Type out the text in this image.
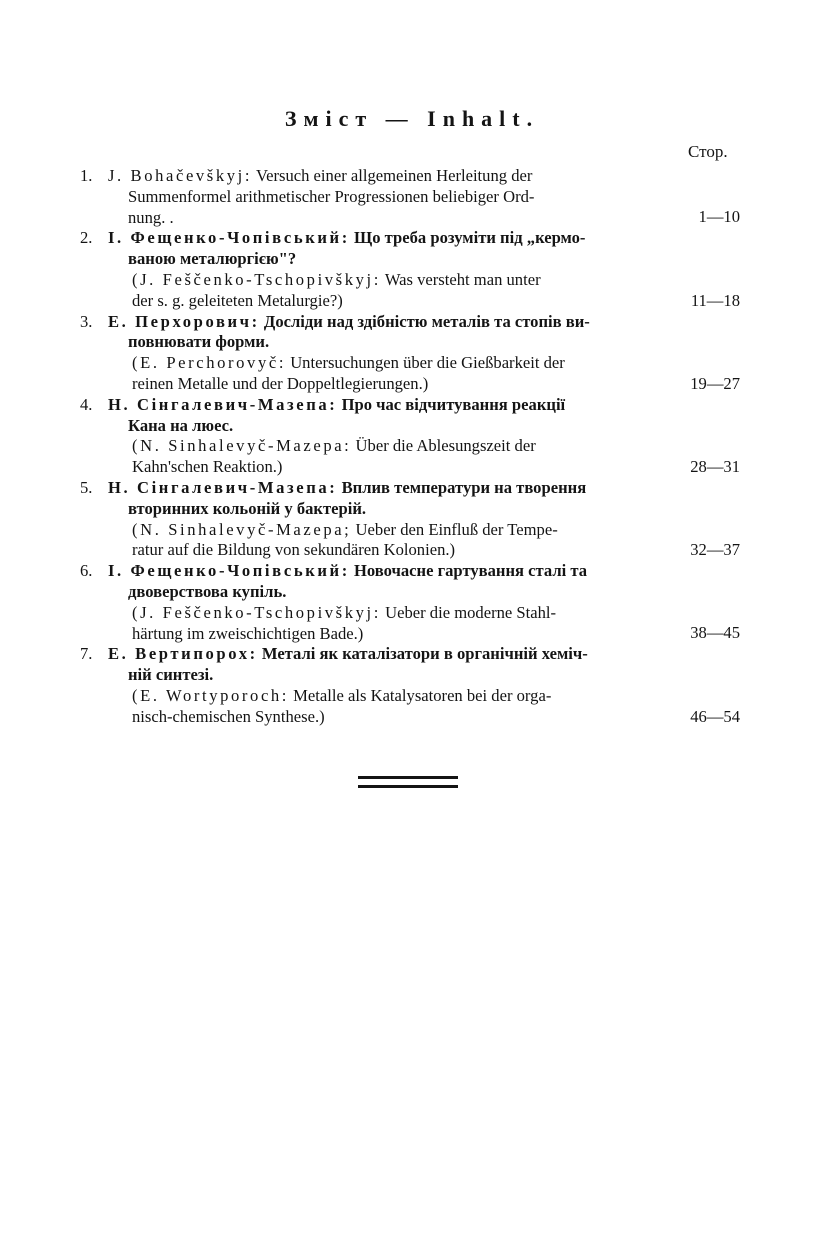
Зміст — Inhalt.
Стор.
1. J. Bohačevškyj: Versuch einer allgemeinen Herleitung der
Summenformel arithmetischer Progressionen beliebiger Ord-
nung. .	1—10
2. І. Фещенко-Чопівський: Що треба розуміти під „кермо-
ваною металюргією"?
(J. Feščenko-Tschopivškyj: Was versteht man unter
der s. g. geleiteten Metalurgie?)	11—18
3. Е. Перхорович: Досліди над здібністю металів та стопів ви-
повнювати форми.
(E. Perchorovyč: Untersuchungen über die Gießbarkeit der
reinen Metalle und der Doppeltlegierungen.)	19—27
4. Н. Сінгалевич-Мазепа: Про час відчитування реакції
Кана на люес.
(N. Sinhalevyč-Mazepa: Über die Ablesungszeit der
Kahn'schen Reaktion.)	28—31
5. Н. Сінгалевич-Мазепа: Вплив температури на творення
вторинних кольоній у бактерій.
(N. Sinhalevyč-Mazepa; Ueber den Einfluß der Tempe-
ratur auf die Bildung von sekundären Kolonien.)	32—37
6. І. Фещенко-Чопівський: Новочасне гартування сталі та
двоверствова купіль.
(J. Feščenko-Tschopivškyj: Ueber die moderne Stahl-
härtung im zweischichtigen Bade.)	38—45
7. Е. Вертипорох: Металі як каталізатори в органічній хеміч-
ній синтезі.
(E. Wortyporoch: Metalle als Katalysatoren bei der orga-
nisch-chemischen Synthese.)	46—54
